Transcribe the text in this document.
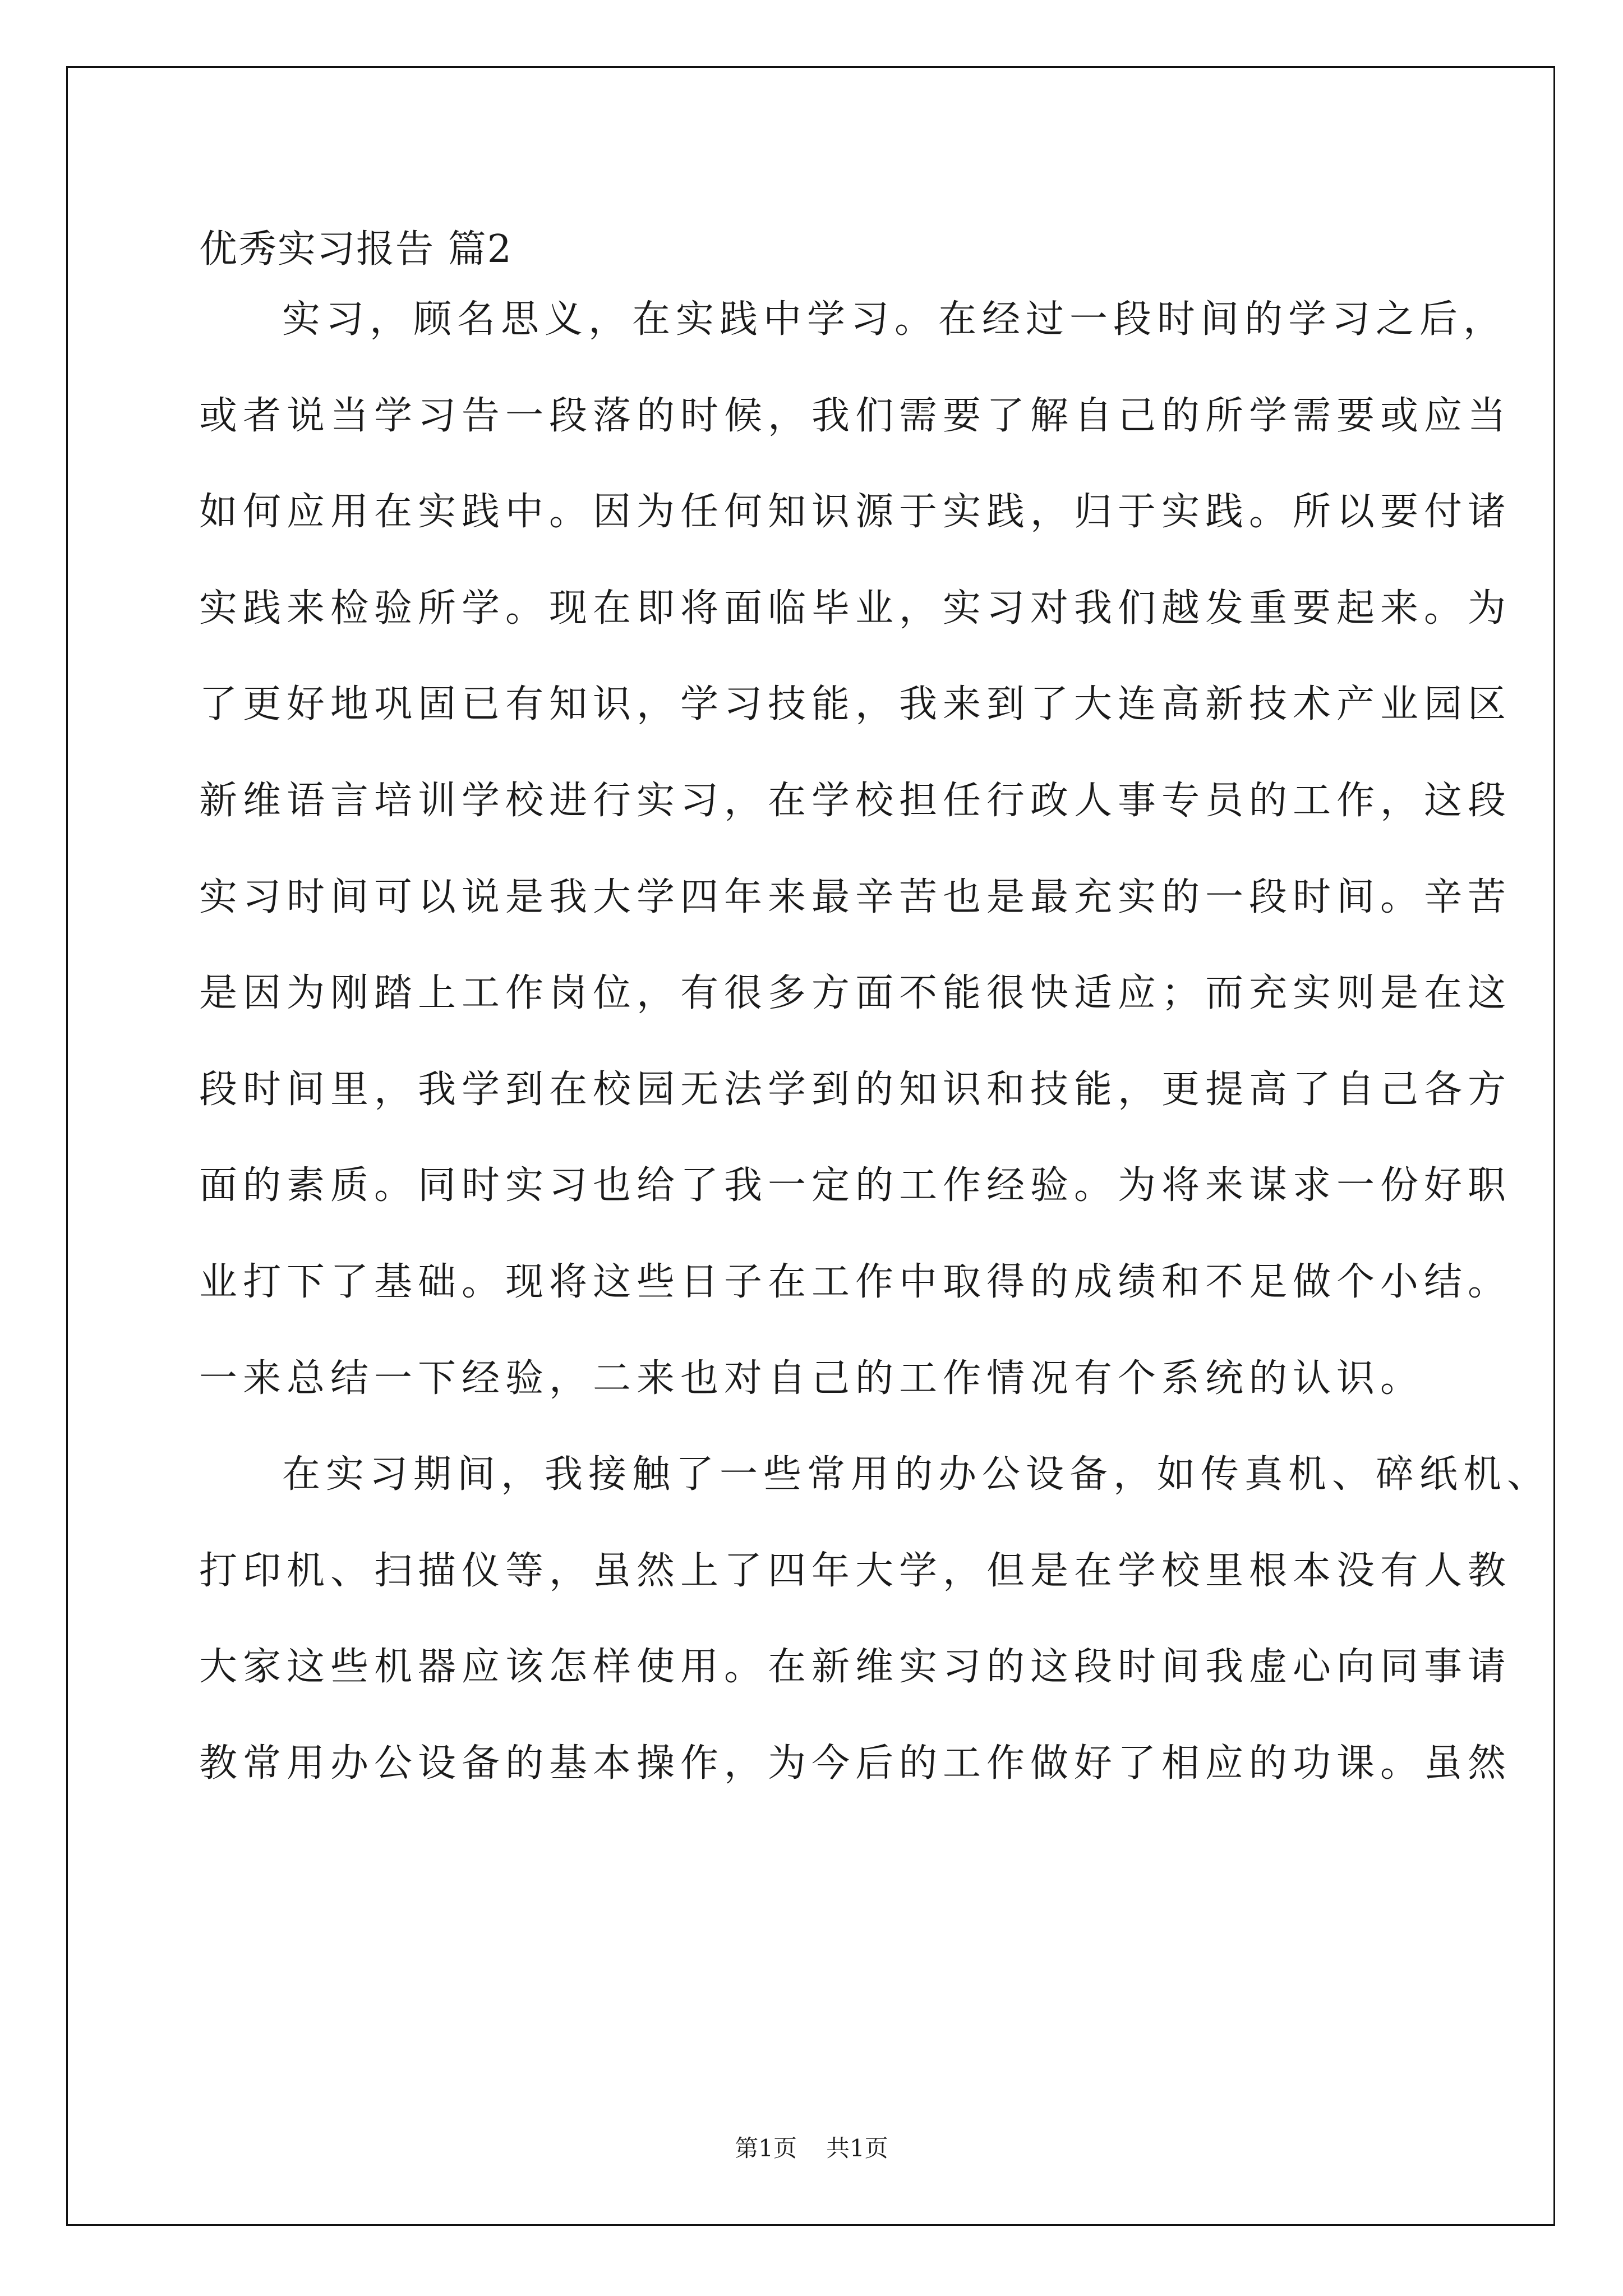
优秀实习报告 篇2
实习，顾名思义，在实践中学习。在经过一段时间的学习之后，
或者说当学习告一段落的时候，我们需要了解自己的所学需要或应当
如何应用在实践中。因为任何知识源于实践，归于实践。所以要付诸
实践来检验所学。现在即将面临毕业，实习对我们越发重要起来。为
了更好地巩固已有知识，学习技能，我来到了大连高新技术产业园区
新维语言培训学校进行实习，在学校担任行政人事专员的工作，这段
实习时间可以说是我大学四年来最辛苦也是最充实的一段时间。辛苦
是因为刚踏上工作岗位，有很多方面不能很快适应；而充实则是在这
段时间里，我学到在校园无法学到的知识和技能，更提高了自己各方
面的素质。同时实习也给了我一定的工作经验。为将来谋求一份好职
业打下了基础。现将这些日子在工作中取得的成绩和不足做个小结。
一来总结一下经验，二来也对自己的工作情况有个系统的认识。
在实习期间，我接触了一些常用的办公设备，如传真机、碎纸机、
打印机、扫描仪等，虽然上了四年大学，但是在学校里根本没有人教
大家这些机器应该怎样使用。在新维实习的这段时间我虚心向同事请
教常用办公设备的基本操作，为今后的工作做好了相应的功课。虽然
第1页 共1页
